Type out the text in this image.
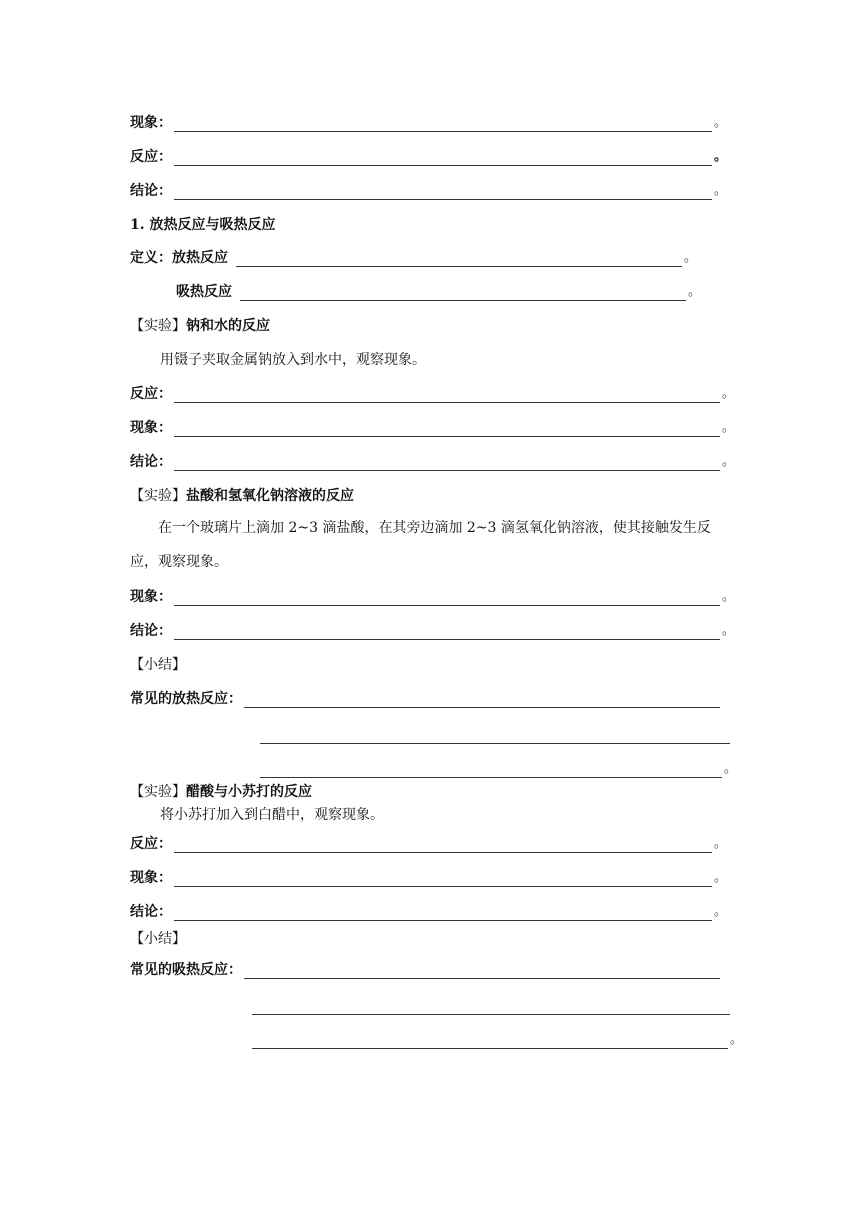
现象：	。
反应：	。
结论：	。
1. 放热反应与吸热反应
定义： 放热反应	。
吸热反应	。
【实验】 钠和水的反应
用镊子夹取金属钠放入到水中，观察现象。
反应：	。
现象：	。
结论：	。
【实验】 盐酸和氢氧化钠溶液的反应
在一个玻璃片上滴加 2~3 滴盐酸，在其旁边滴加 2~3 滴氢氧化钠溶液，使其接触发生反应，观察现象。
现象：	。
结论：	。
【小结】
常见的放热反应：
。
【实验】 醋酸与小苏打的反应
将小苏打加入到白醋中，观察现象。
反应：	。
现象：	。
结论：	。
【小结】
常见的吸热反应：
。
